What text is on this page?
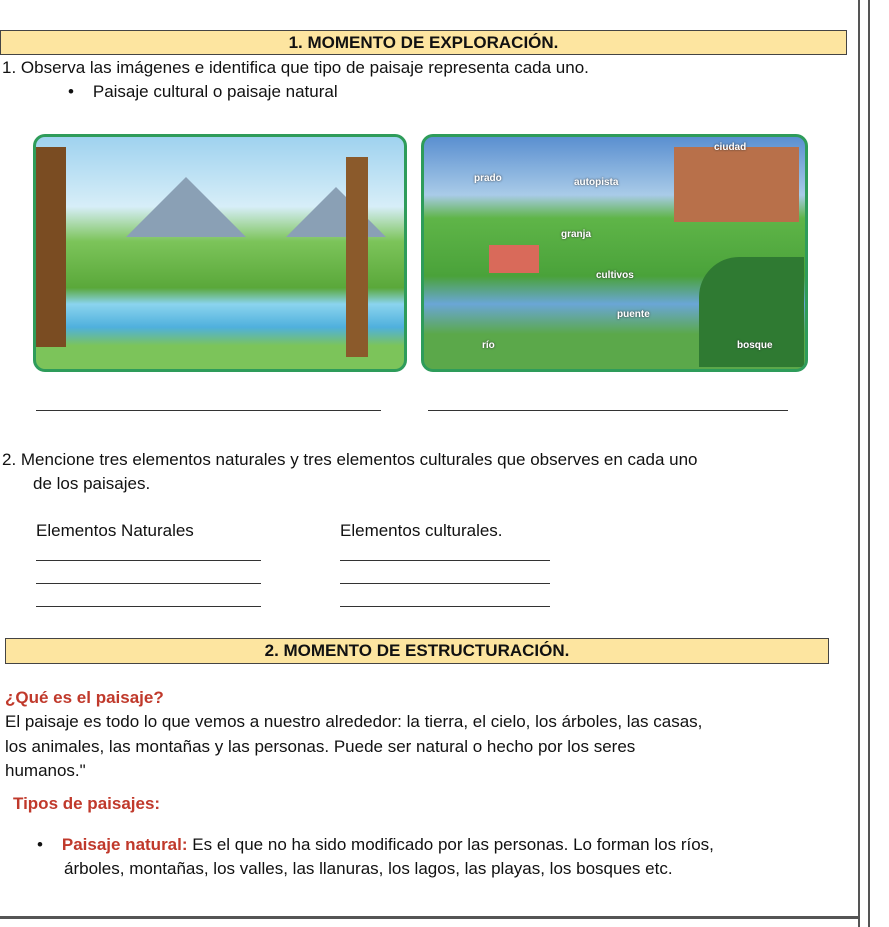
1. MOMENTO DE EXPLORACIÓN.
1. Observa las imágenes e identifica que tipo de paisaje representa cada uno.
•    Paisaje cultural o paisaje natural
ciudad
prado	autopista
granja
cultivos
puente
río	bosque
2. Mencione tres elementos naturales y tres elementos culturales que observes en cada uno
de los paisajes.
Elementos Naturales	Elementos culturales.
2. MOMENTO DE ESTRUCTURACIÓN.
¿Qué es el paisaje?
El paisaje es todo lo que vemos a nuestro alrededor: la tierra, el cielo, los árboles, las casas,
los animales, las montañas y las personas. Puede ser natural o hecho por los seres
humanos."
Tipos de paisajes:
•    Paisaje natural: Es el que no ha sido modificado por las personas. Lo forman los ríos,
árboles, montañas, los valles, las llanuras, los lagos, las playas, los bosques etc.
